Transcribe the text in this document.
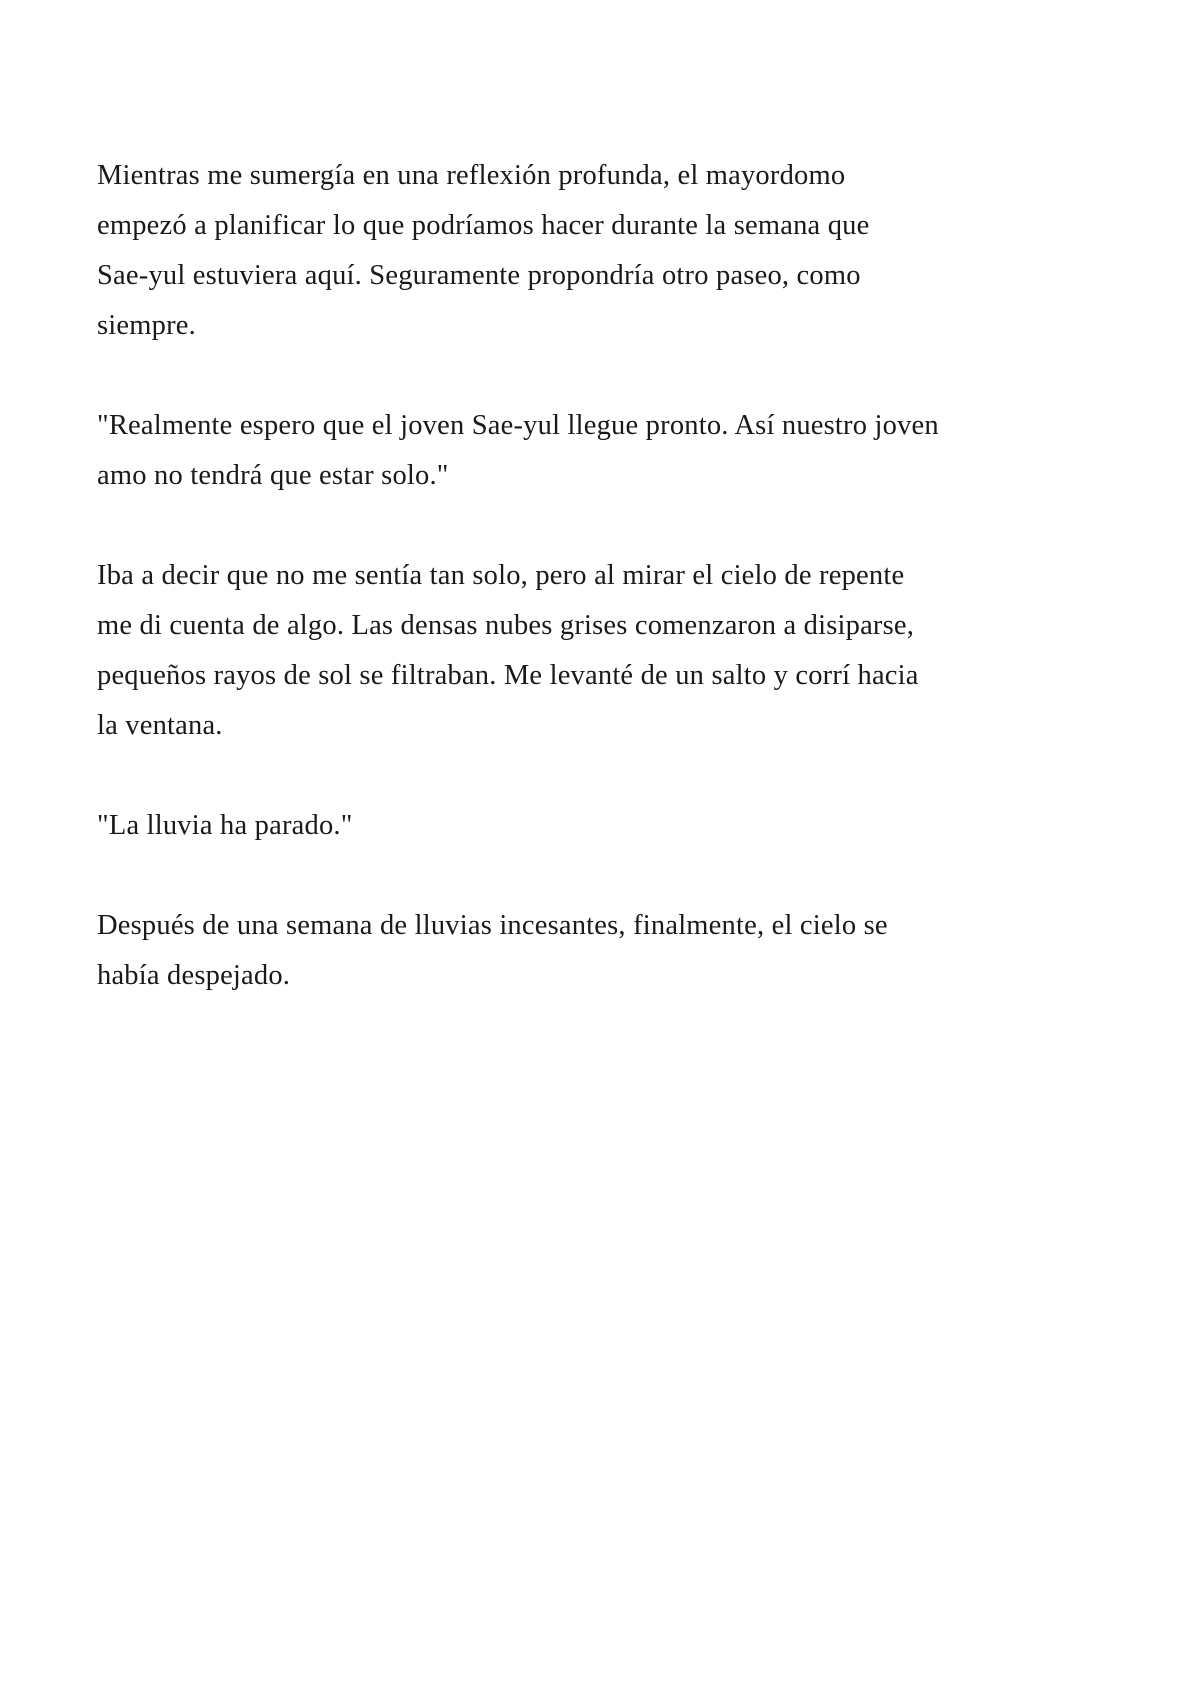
Mientras me sumergía en una reflexión profunda, el mayordomo
empezó a planificar lo que podríamos hacer durante la semana que
Sae-yul estuviera aquí. Seguramente propondría otro paseo, como
siempre.

"Realmente espero que el joven Sae-yul llegue pronto. Así nuestro joven
amo no tendrá que estar solo."

Iba a decir que no me sentía tan solo, pero al mirar el cielo de repente
me di cuenta de algo. Las densas nubes grises comenzaron a disiparse,
pequeños rayos de sol se filtraban. Me levanté de un salto y corrí hacia
la ventana.

"La lluvia ha parado."

Después de una semana de lluvias incesantes, finalmente, el cielo se
había despejado.
